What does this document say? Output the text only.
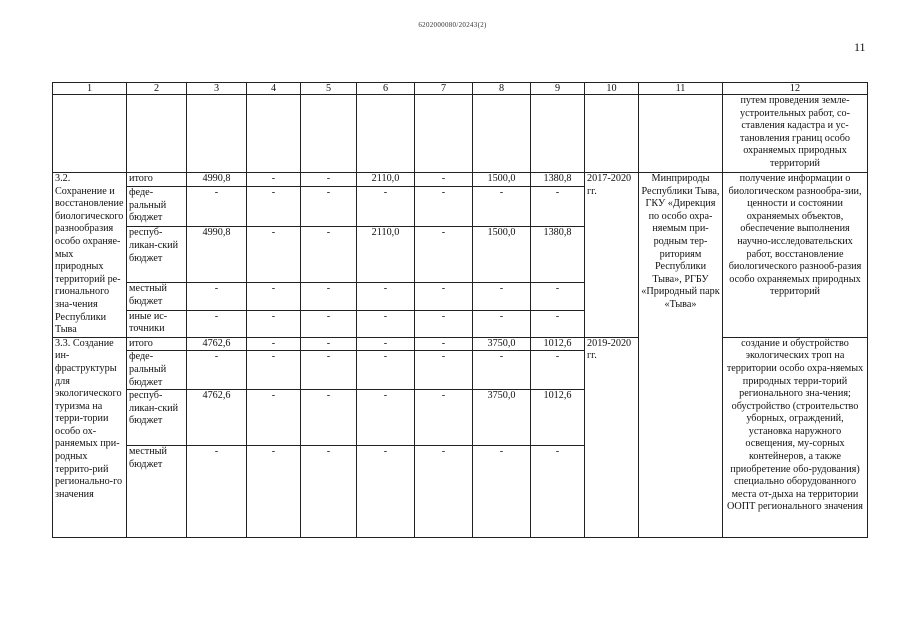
6202000080/20243(2)
11
1	2	3	4	5	6	7	8	9	10	11	12
											путем проведения земле-устроительных работ, со-ставления кадастра и ус-тановления границ особо охраняемых природных территорий
3.2. Сохранение и восстановление биологического разнообразия особо охраняе-мых природных территорий ре-гионального зна-чения Республики Тыва	итого	4990,8	-	-	2110,0	-	1500,0	1380,8	2017-2020 гг.	Минприроды Республики Тыва, ГКУ «Дирекция по особо охра-няемым при-родным тер-риториям Республики Тыва», РГБУ «Природный парк «Тыва»	получение информации о биологическом разнообра-зии, ценности и состоянии охраняемых объектов, обеспечение выполнения научно-исследовательских работ, восстановление биологического разнооб-разия особо охраняемых природных территорий
	феде-ральный бюджет	-	-	-	-	-	-	-			
	респуб-ликан-ский бюджет	4990,8	-	-	2110,0	-	1500,0	1380,8			
	местный бюджет	-	-	-	-	-	-	-			
	иные ис-точники	-	-	-	-	-	-	-			
3.3. Создание ин-фраструктуры для экологического туризма на терри-тории особо ох-раняемых при-родных террито-рий регионально-го значения	итого	4762,6	-	-	-	-	3750,0	1012,6	2019-2020 гг.		создание и обустройство экологических троп на территории особо охра-няемых природных терри-торий регионального зна-чения; обустройство (строительство уборных, ограждений, установка наружного освещения, му-сорных контейнеров, а также приобретение обо-рудования) специально оборудованного места от-дыха на территории ООПТ регионального значения
	феде-ральный бюджет	-	-	-	-	-	-	-			
	респуб-ликан-ский бюджет	4762,6	-	-	-	-	3750,0	1012,6			
	местный бюджет	-	-	-	-	-	-	-			
